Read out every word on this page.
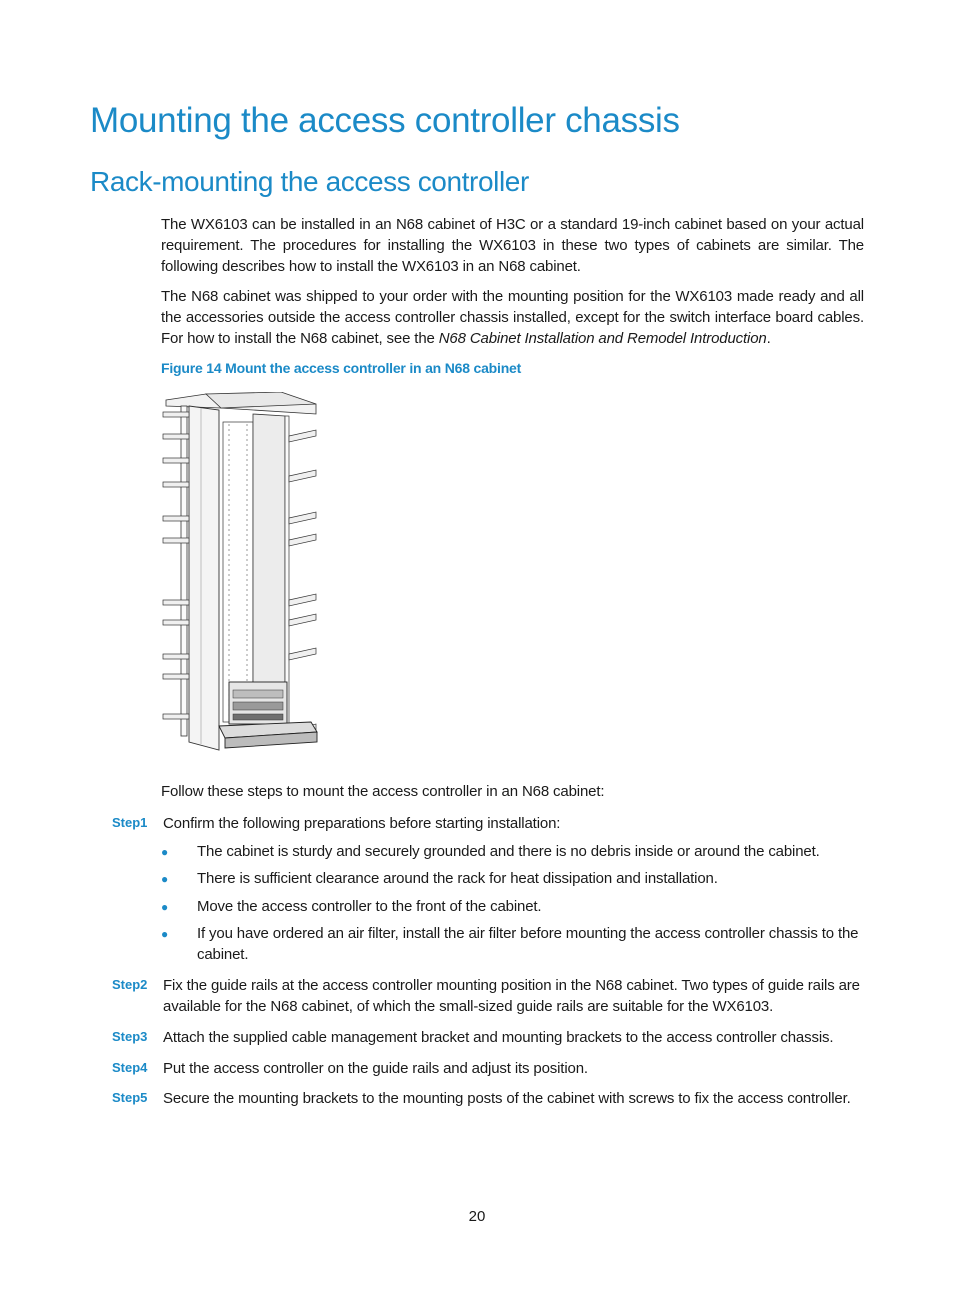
Mounting the access controller chassis
Rack-mounting the access controller

The WX6103 can be installed in an N68 cabinet of H3C or a standard 19-inch cabinet based on your actual requirement. The procedures for installing the WX6103 in these two types of cabinets are similar. The following describes how to install the WX6103 in an N68 cabinet.

The N68 cabinet was shipped to your order with the mounting position for the WX6103 made ready and all the accessories outside the access controller chassis installed, except for the switch interface board cables. For how to install the N68 cabinet, see the N68 Cabinet Installation and Remodel Introduction.

Figure 14 Mount the access controller in an N68 cabinet

Follow these steps to mount the access controller in an N68 cabinet:

Step1 Confirm the following preparations before starting installation:

● The cabinet is sturdy and securely grounded and there is no debris inside or around the cabinet.

● There is sufficient clearance around the rack for heat dissipation and installation.

● Move the access controller to the front of the cabinet.

● If you have ordered an air filter, install the air filter before mounting the access controller chassis to the cabinet.

Step2 Fix the guide rails at the access controller mounting position in the N68 cabinet. Two types of guide rails are available for the N68 cabinet, of which the small-sized guide rails are suitable for the WX6103.

Step3 Attach the supplied cable management bracket and mounting brackets to the access controller chassis.

Step4 Put the access controller on the guide rails and adjust its position.

Step5 Secure the mounting brackets to the mounting posts of the cabinet with screws to fix the access controller.

20
